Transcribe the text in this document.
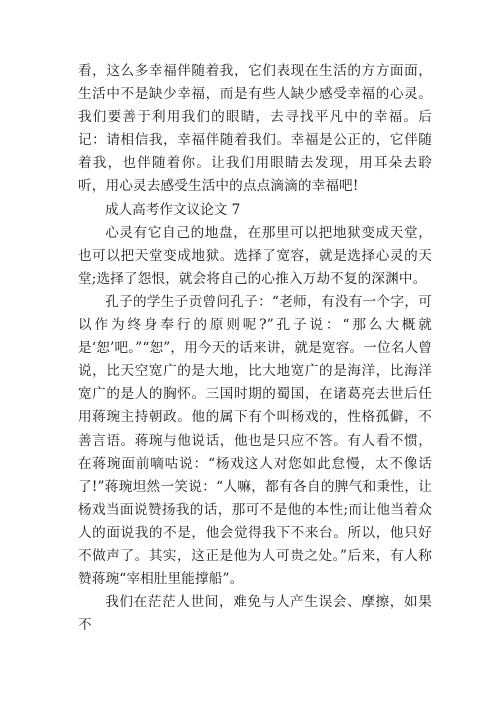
看，这么多幸福伴随着我，它们表现在生活的方方面面，生活中不是缺少幸福，而是有些人缺少感受幸福的心灵。我们要善于利用我们的眼睛，去寻找平凡中的幸福。后记：请相信我，幸福伴随着我们。幸福是公正的，它伴随着我，也伴随着你。让我们用眼睛去发现，用耳朵去聆听，用心灵去感受生活中的点点滴滴的幸福吧!

成人高考作文议论文 7

心灵有它自己的地盘，在那里可以把地狱变成天堂，也可以把天堂变成地狱。选择了宽容，就是选择心灵的天堂;选择了怨恨，就会将自己的心推入万劫不复的深渊中。

孔子的学生子贡曾问孔子：“老师，有没有一个字，可以作为终身奉行的原则呢?”孔子说：“那么大概就是‘恕’吧。”“恕”，用今天的话来讲，就是宽容。一位名人曾说，比天空宽广的是大地，比大地宽广的是海洋，比海洋宽广的是人的胸怀。三国时期的蜀国，在诸葛亮去世后任用蒋琬主持朝政。他的属下有个叫杨戏的，性格孤僻，不善言语。蒋琬与他说话，他也是只应不答。有人看不惯，在蒋琬面前嘀咕说：“杨戏这人对您如此怠慢，太不像话了!”蒋琬坦然一笑说：“人嘛，都有各自的脾气和秉性，让杨戏当面说赞扬我的话，那可不是他的本性;而让他当着众人的面说我的不是，他会觉得我下不来台。所以，他只好不做声了。其实，这正是他为人可贵之处。”后来，有人称赞蒋琬“宰相肚里能撑船”。

我们在茫茫人世间，难免与人产生误会、摩擦，如果不
